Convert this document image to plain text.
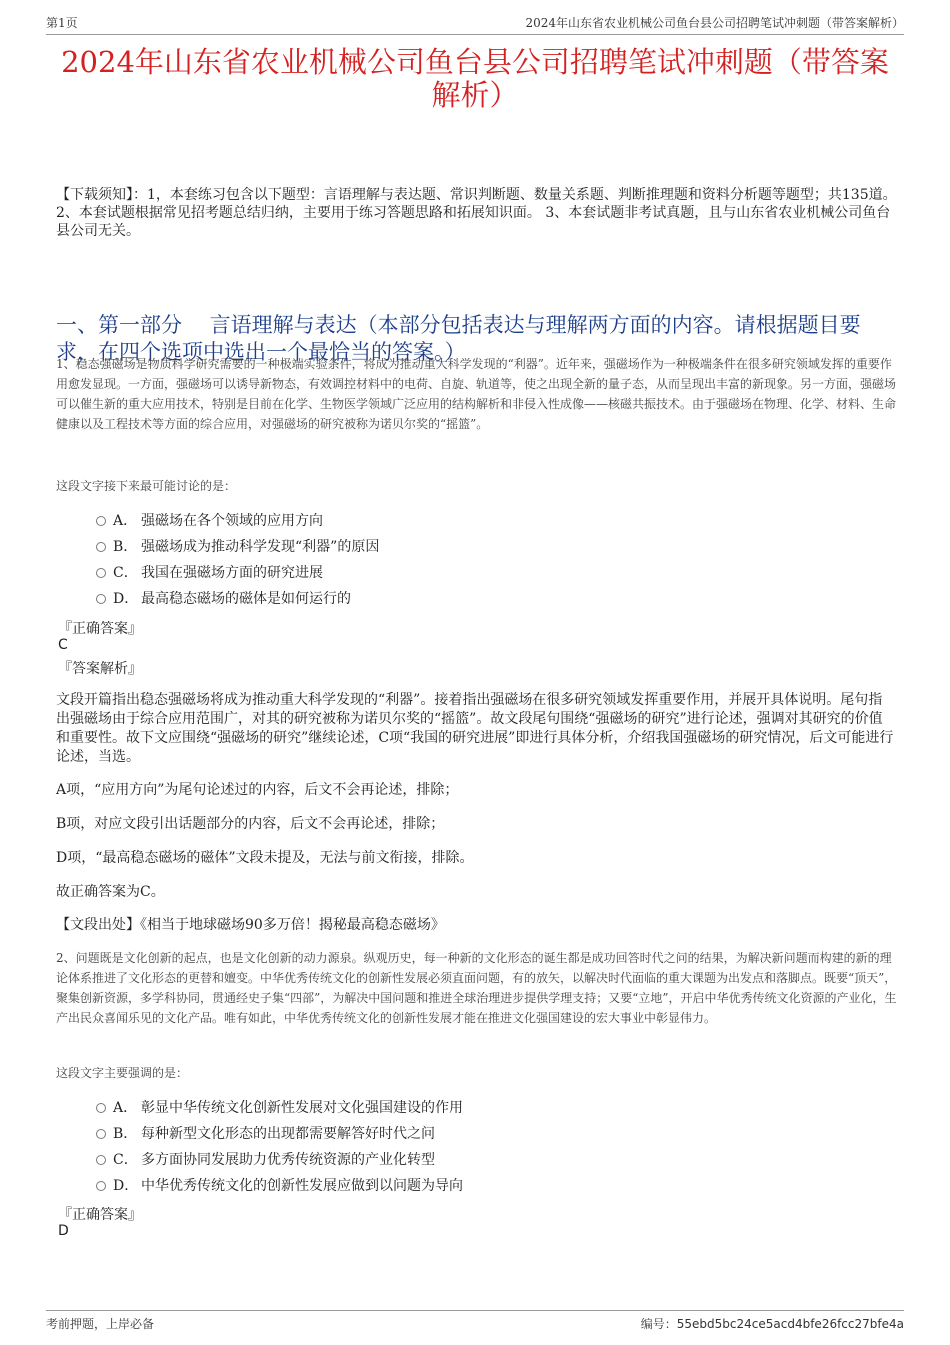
第1页	2024年山东省农业机械公司鱼台县公司招聘笔试冲刺题（带答案解析）
2024年山东省农业机械公司鱼台县公司招聘笔试冲刺题（带答案解析）

【下载须知】：1，本套练习包含以下题型：言语理解与表达题、常识判断题、数量关系题、判断推理题和资料分析题等题型；共135道。 2、本套试题根据常见招考题总结归纳，主要用于练习答题思路和拓展知识面。 3、本套试题非考试真题，且与山东省农业机械公司鱼台县公司无关。

一、第一部分　 言语理解与表达（本部分包括表达与理解两方面的内容。请根据题目要求，在四个选项中选出一个最恰当的答案。）

1、稳态强磁场是物质科学研究需要的一种极端实验条件，将成为推动重大科学发现的“利器”。近年来，强磁场作为一种极端条件在很多研究领域发挥的重要作用愈发显现。一方面，强磁场可以诱导新物态，有效调控材料中的电荷、自旋、轨道等，使之出现全新的量子态，从而呈现出丰富的新现象。另一方面，强磁场可以催生新的重大应用技术，特别是目前在化学、生物医学领域广泛应用的结构解析和非侵入性成像——核磁共振技术。由于强磁场在物理、化学、材料、生命健康以及工程技术等方面的综合应用，对强磁场的研究被称为诺贝尔奖的“摇篮”。

这段文字接下来最可能讨论的是：
A． 强磁场在各个领域的应用方向
B． 强磁场成为推动科学发现“利器”的原因
C． 我国在强磁场方面的研究进展
D． 最高稳态磁场的磁体是如何运行的
『正确答案』
C
『答案解析』

文段开篇指出稳态强磁场将成为推动重大科学发现的“利器”。接着指出强磁场在很多研究领域发挥重要作用，并展开具体说明。尾句指出强磁场由于综合应用范围广，对其的研究被称为诺贝尔奖的“摇篮”。故文段尾句围绕“强磁场的研究”进行论述，强调对其研究的价值和重要性。故下文应围绕“强磁场的研究”继续论述，C项“我国的研究进展”即进行具体分析，介绍我国强磁场的研究情况，后文可能进行论述，当选。

A项，“应用方向”为尾句论述过的内容，后文不会再论述，排除；
B项，对应文段引出话题部分的内容，后文不会再论述，排除；
D项，“最高稳态磁场的磁体”文段未提及，无法与前文衔接，排除。
故正确答案为C。
【文段出处】《相当于地球磁场90多万倍！揭秘最高稳态磁场》

2、问题既是文化创新的起点，也是文化创新的动力源泉。纵观历史，每一种新的文化形态的诞生都是成功回答时代之问的结果，为解决新问题而构建的新的理论体系推进了文化形态的更替和嬗变。中华优秀传统文化的创新性发展必须直面问题，有的放矢，以解决时代面临的重大课题为出发点和落脚点。既要“顶天”，聚集创新资源，多学科协同，贯通经史子集“四部”，为解决中国问题和推进全球治理进步提供学理支持；又要“立地”，开启中华优秀传统文化资源的产业化，生产出民众喜闻乐见的文化产品。唯有如此，中华优秀传统文化的创新性发展才能在推进文化强国建设的宏大事业中彰显伟力。

这段文字主要强调的是：
A． 彰显中华传统文化创新性发展对文化强国建设的作用
B． 每种新型文化形态的出现都需要解答好时代之问
C． 多方面协同发展助力优秀传统资源的产业化转型
D． 中华优秀传统文化的创新性发展应做到以问题为导向
『正确答案』
D
考前押题，上岸必备	编号：55ebd5bc24ce5acd4bfe26fcc27bfe4a
